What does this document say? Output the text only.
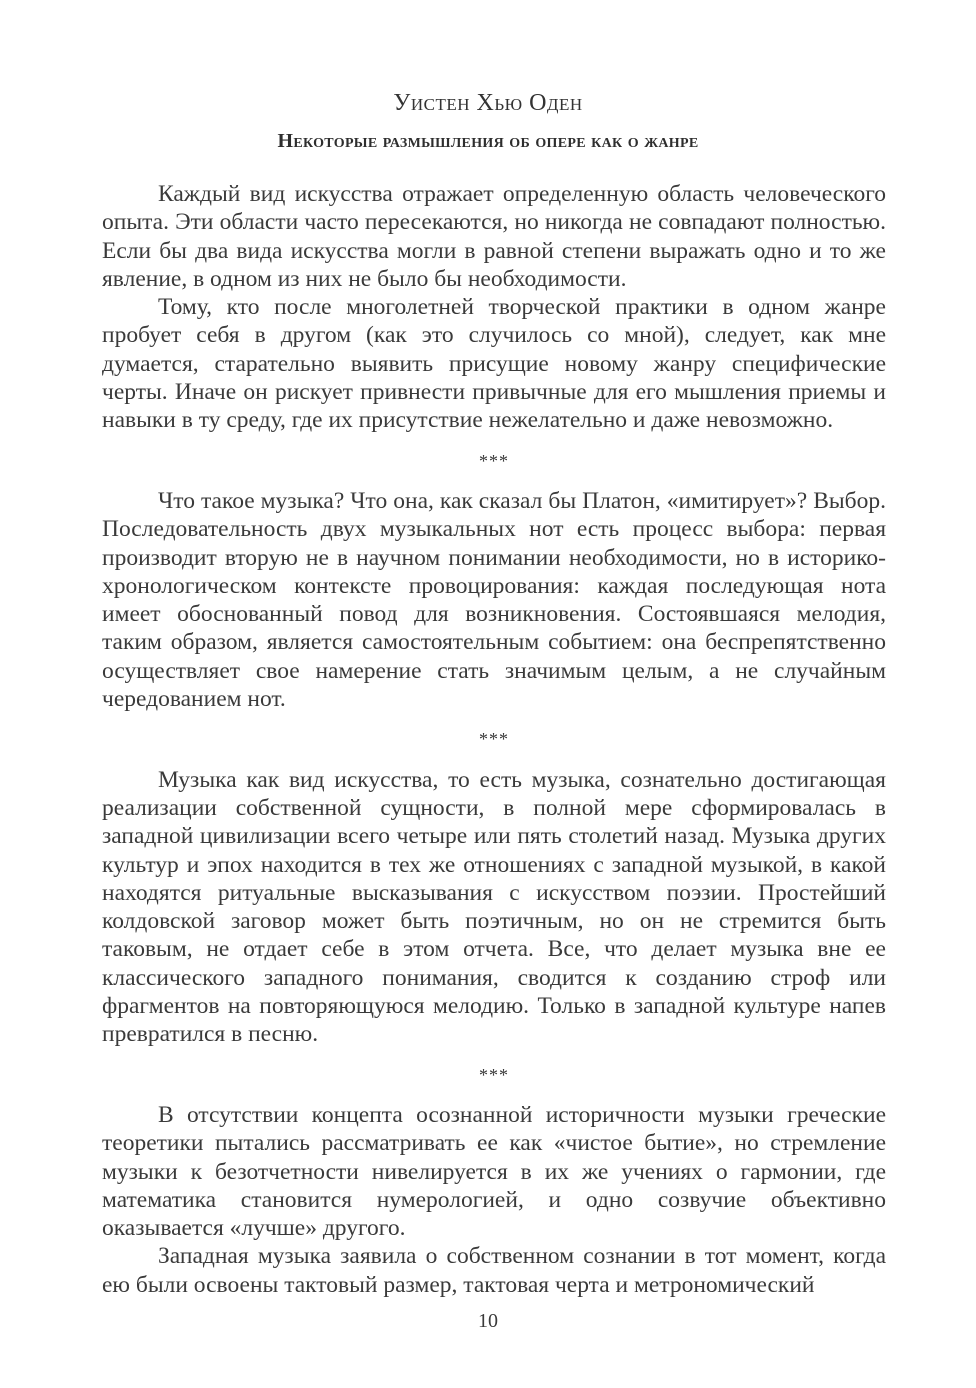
Уистен Хью Оден
Некоторые размышления об опере как о жанре

Каждый вид искусства отражает определенную область человеческого опыта. Эти области часто пересекаются, но никогда не совпадают полностью. Если бы два вида искусства могли в равной степени выражать одно и то же явление, в одном из них не было бы необходимости.

Тому, кто после многолетней творческой практики в одном жанре пробует себя в другом (как это случилось со мной), следует, как мне думается, старательно выявить присущие новому жанру специфические черты. Иначе он рискует привнести привычные для его мышления приемы и навыки в ту среду, где их присутствие нежелательно и даже невозможно.

***

Что такое музыка? Что она, как сказал бы Платон, «имитирует»? Выбор. Последовательность двух музыкальных нот есть процесс выбора: первая производит вторую не в научном понимании необходимости, но в историко-хронологическом контексте провоцирования: каждая последующая нота имеет обоснованный повод для возникновения. Состоявшаяся мелодия, таким образом, является самостоятельным событием: она беспрепятственно осуществляет свое намерение стать значимым целым, а не случайным чередованием нот.

***

Музыка как вид искусства, то есть музыка, сознательно достигающая реализации собственной сущности, в полной мере сформировалась в западной цивилизации всего четыре или пять столетий назад. Музыка других культур и эпох находится в тех же отношениях с западной музыкой, в какой находятся ритуальные высказывания с искусством поэзии. Простейший колдовской заговор может быть поэтичным, но он не стремится быть таковым, не отдает себе в этом отчета. Все, что делает музыка вне ее классического западного понимания, сводится к созданию строф или фрагментов на повторяющуюся мелодию. Только в западной культуре напев превратился в песню.

***

В отсутствии концепта осознанной историчности музыки греческие теоретики пытались рассматривать ее как «чистое бытие», но стремление музыки к безотчетности нивелируется в их же учениях о гармонии, где математика становится нумерологией, и одно созвучие объективно оказывается «лучше» другого.

Западная музыка заявила о собственном сознании в тот момент, когда ею были освоены тактовый размер, тактовая черта и метрономический

10
